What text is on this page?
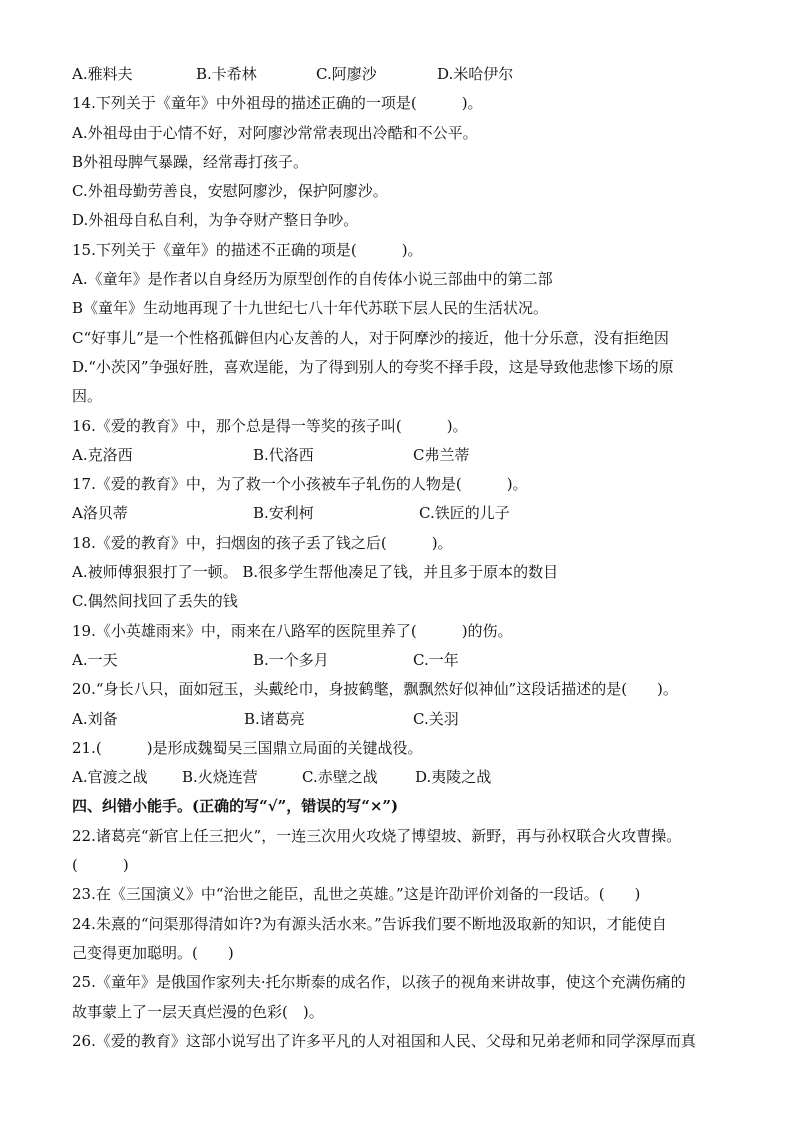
A.雅料夫	B.卡希林	C.阿廖沙	D.米哈伊尔
14.下列关于《童年》中外祖母的描述正确的一项是(　　　)。
A.外祖母由于心情不好，对阿廖沙常常表现出冷酷和不公平。
B外祖母脾气暴躁，经常毒打孩子。
C.外祖母勤劳善良，安慰阿廖沙，保护阿廖沙。
D.外祖母自私自利，为争夺财产整日争吵。
15.下列关于《童年》的描述不正确的项是(　　　)。
A.《童年》是作者以自身经历为原型创作的自传体小说三部曲中的第二部
B《童年》生动地再现了十九世纪七八十年代苏联下层人民的生活状况。
C“好事儿”是一个性格孤僻但内心友善的人，对于阿摩沙的接近，他十分乐意，没有拒绝因
D.“小茨冈”争强好胜，喜欢逞能，为了得到别人的夸奖不择手段，这是导致他悲惨下场的原
因。
16.《爱的教育》中，那个总是得一等奖的孩子叫(　　　)。
A.克洛西	B.代洛西	C弗兰蒂
17.《爱的教育》中，为了救一个小孩被车子轧伤的人物是(　　　)。
A洛贝蒂	B.安利柯	C.铁匠的儿子
18.《爱的教育》中，扫烟囱的孩子丢了钱之后(　　　)。
A.被师傅狠狠打了一顿。 B.很多学生帮他凑足了钱，并且多于原本的数目
C.偶然间找回了丢失的钱
19.《小英雄雨来》中，雨来在八路军的医院里养了(　　　)的伤。
A.一天	B.一个多月	C.一年
20.“身长八只，面如冠玉，头戴纶巾，身披鹤氅，飘飘然好似神仙”这段话描述的是(　　)。
A.刘备	B.诸葛亮	C.关羽
21.(　　　)是形成魏蜀吴三国鼎立局面的关键战役。
A.官渡之战	B.火烧连营	C.赤壁之战	D.夷陵之战
四、纠错小能手。(正确的写“√”，错误的写“×”)
22.诸葛亮“新官上任三把火”，一连三次用火攻烧了博望坡、新野，再与孙权联合火攻曹操。
(　　　)
23.在《三国演义》中“治世之能臣，乱世之英雄。”这是许劭评价刘备的一段话。(　　)
24.朱熹的“问渠那得清如许?为有源头活水来。”告诉我们要不断地汲取新的知识，才能使自
己变得更加聪明。(　　)
25.《童年》是俄国作家列夫·托尔斯泰的成名作，以孩子的视角来讲故事，使这个充满伤痛的
故事蒙上了一层天真烂漫的色彩(　)。
26.《爱的教育》这部小说写出了许多平凡的人对祖国和人民、父母和兄弟老师和同学深厚而真
